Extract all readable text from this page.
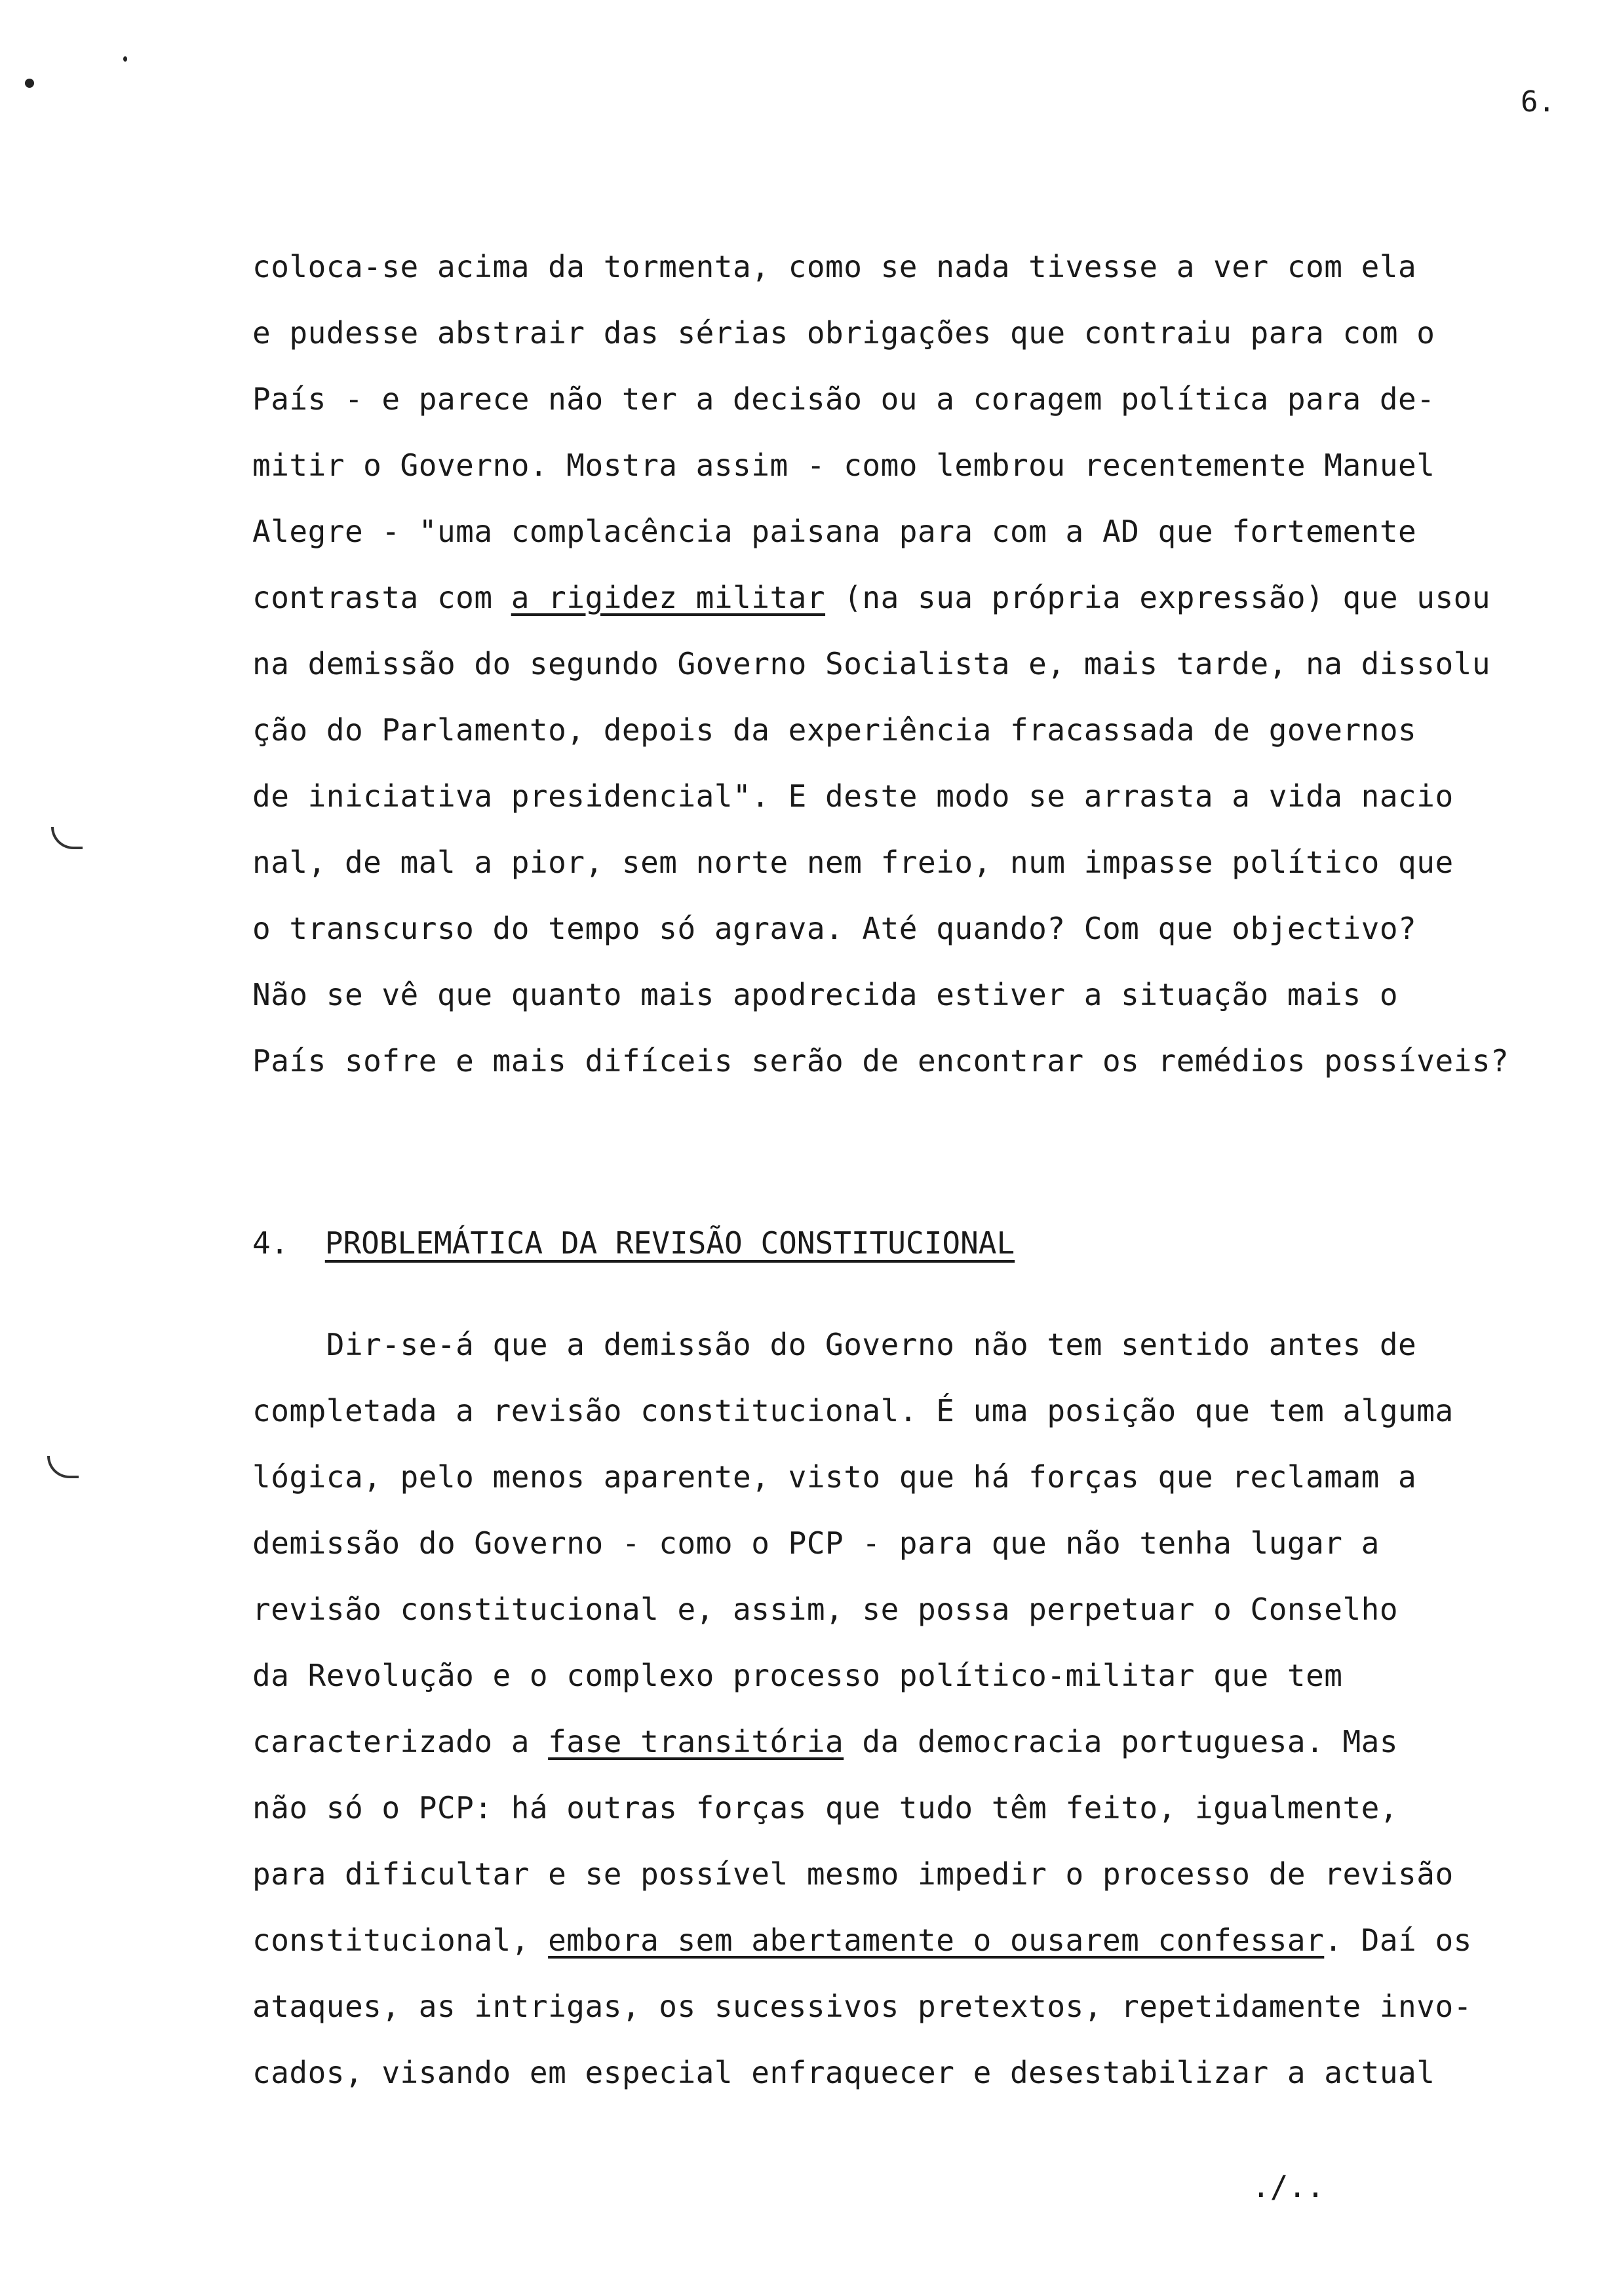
6.
coloca-se acima da tormenta, como se nada tivesse a ver com ela
e pudesse abstrair das sérias obrigações que contraiu para com o
País - e parece não ter a decisão ou a coragem política para de-
mitir o Governo. Mostra assim - como lembrou recentemente Manuel
Alegre - "uma complacência paisana para com a AD que fortemente
contrasta com a rigidez militar (na sua própria expressão) que usou
na demissão do segundo Governo Socialista e, mais tarde, na dissolu
ção do Parlamento, depois da experiência fracassada de governos
de iniciativa presidencial". E deste modo se arrasta a vida nacio
nal, de mal a pior, sem norte nem freio, num impasse político que
o transcurso do tempo só agrava. Até quando? Com que objectivo?
Não se vê que quanto mais apodrecida estiver a situação mais o
País sofre e mais difíceis serão de encontrar os remédios possíveis?
4. PROBLEMÁTICA DA REVISÃO CONSTITUCIONAL
Dir-se-á que a demissão do Governo não tem sentido antes de
completada a revisão constitucional. É uma posição que tem alguma
lógica, pelo menos aparente, visto que há forças que reclamam a
demissão do Governo - como o PCP - para que não tenha lugar a
revisão constitucional e, assim, se possa perpetuar o Conselho
da Revolução e o complexo processo político-militar que tem
caracterizado a fase transitória da democracia portuguesa. Mas
não só o PCP: há outras forças que tudo têm feito, igualmente,
para dificultar e se possível mesmo impedir o processo de revisão
constitucional, embora sem abertamente o ousarem confessar. Daí os
ataques, as intrigas, os sucessivos pretextos, repetidamente invo-
cados, visando em especial enfraquecer e desestabilizar a actual
./..
